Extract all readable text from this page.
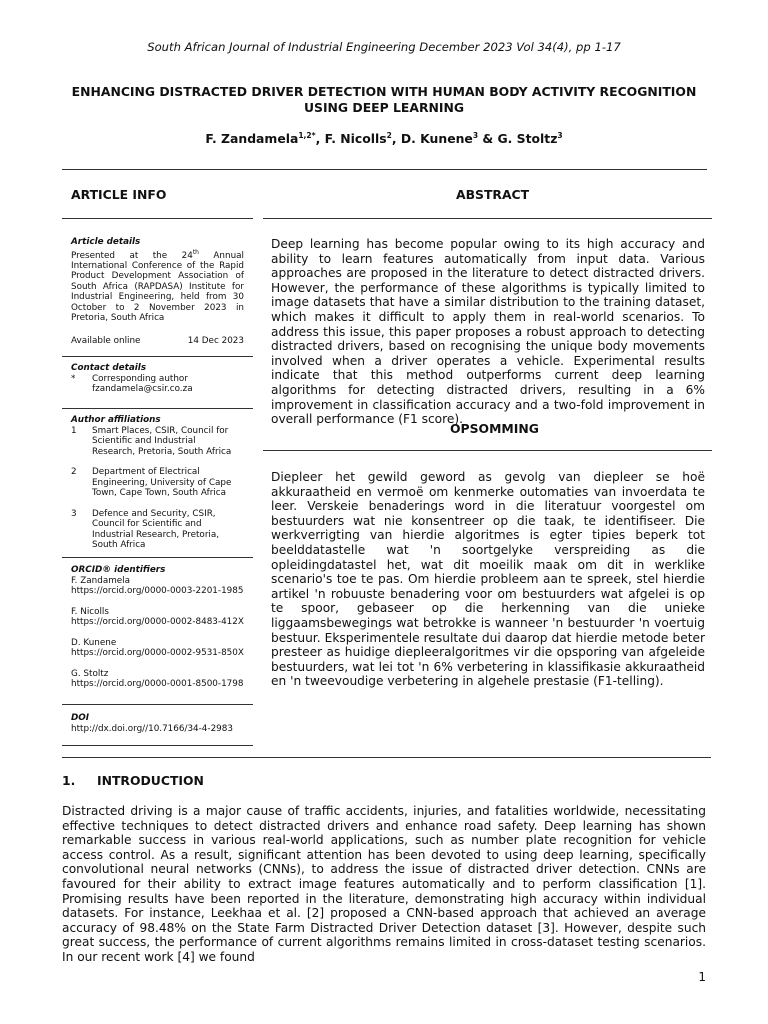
South African Journal of Industrial Engineering December 2023 Vol 34(4), pp 1-17
ENHANCING DISTRACTED DRIVER DETECTION WITH HUMAN BODY ACTIVITY RECOGNITION USING DEEP LEARNING
F. Zandamela$^{1,2*}$, F. Nicolls$^2$, D. Kunene$^3$ & G. Stoltz$^3$
ARTICLE INFO	ABSTRACT
Article details
Presented at the 24th Annual International Conference of the Rapid Product Development Association of South Africa (RAPDASA) Institute for Industrial Engineering, held from 30 October to 2 November 2023 in Pretoria, South Africa
Available online	14 Dec 2023
Contact details
*	Corresponding author
fzandamela@csir.co.za
Author affiliations
1	Smart Places, CSIR, Council for Scientific and Industrial Research, Pretoria, South Africa
2	Department of Electrical Engineering, University of Cape Town, Cape Town, South Africa
3	Defence and Security, CSIR, Council for Scientific and Industrial Research, Pretoria, South Africa
ORCID® identifiers
F. Zandamela
https://orcid.org/0000-0003-2201-1985
F. Nicolls
https://orcid.org/0000-0002-8483-412X
D. Kunene
https://orcid.org/0000-0002-9531-850X
G. Stoltz
https://orcid.org/0000-0001-8500-1798
DOI
http://dx.doi.org//10.7166/34-4-2983
Deep learning has become popular owing to its high accuracy and ability to learn features automatically from input data. Various approaches are proposed in the literature to detect distracted drivers. However, the performance of these algorithms is typically limited to image datasets that have a similar distribution to the training dataset, which makes it difficult to apply them in real-world scenarios. To address this issue, this paper proposes a robust approach to detecting distracted drivers, based on recognising the unique body movements involved when a driver operates a vehicle. Experimental results indicate that this method outperforms current deep learning algorithms for detecting distracted drivers, resulting in a 6% improvement in classification accuracy and a two-fold improvement in overall performance (F1 score).
OPSOMMING
Diepleer het gewild geword as gevolg van diepleer se hoë akkuraatheid en vermoë om kenmerke outomaties van invoerdata te leer. Verskeie benaderings word in die literatuur voorgestel om bestuurders wat nie konsentreer op die taak, te identifiseer. Die werkverrigting van hierdie algoritmes is egter tipies beperk tot beelddatastelle wat 'n soortgelyke verspreiding as die opleidingdatastel het, wat dit moeilik maak om dit in werklike scenario's toe te pas. Om hierdie probleem aan te spreek, stel hierdie artikel 'n robuuste benadering voor om bestuurders wat afgelei is op te spoor, gebaseer op die herkenning van die unieke liggaamsbewegings wat betrokke is wanneer 'n bestuurder 'n voertuig bestuur. Eksperimentele resultate dui daarop dat hierdie metode beter presteer as huidige diepleeralgoritmes vir die opsporing van afgeleide bestuurders, wat lei tot 'n 6% verbetering in klassifikasie akkuraatheid en 'n tweevoudige verbetering in algehele prestasie (F1-telling).
1. INTRODUCTION
Distracted driving is a major cause of traffic accidents, injuries, and fatalities worldwide, necessitating effective techniques to detect distracted drivers and enhance road safety. Deep learning has shown remarkable success in various real-world applications, such as number plate recognition for vehicle access control. As a result, significant attention has been devoted to using deep learning, specifically convolutional neural networks (CNNs), to address the issue of distracted driver detection. CNNs are favoured for their ability to extract image features automatically and to perform classification [1]. Promising results have been reported in the literature, demonstrating high accuracy within individual datasets. For instance, Leekhaa et al. [2] proposed a CNN-based approach that achieved an average accuracy of 98.48% on the State Farm Distracted Driver Detection dataset [3]. However, despite such great success, the performance of current algorithms remains limited in cross-dataset testing scenarios. In our recent work [4] we found
1
